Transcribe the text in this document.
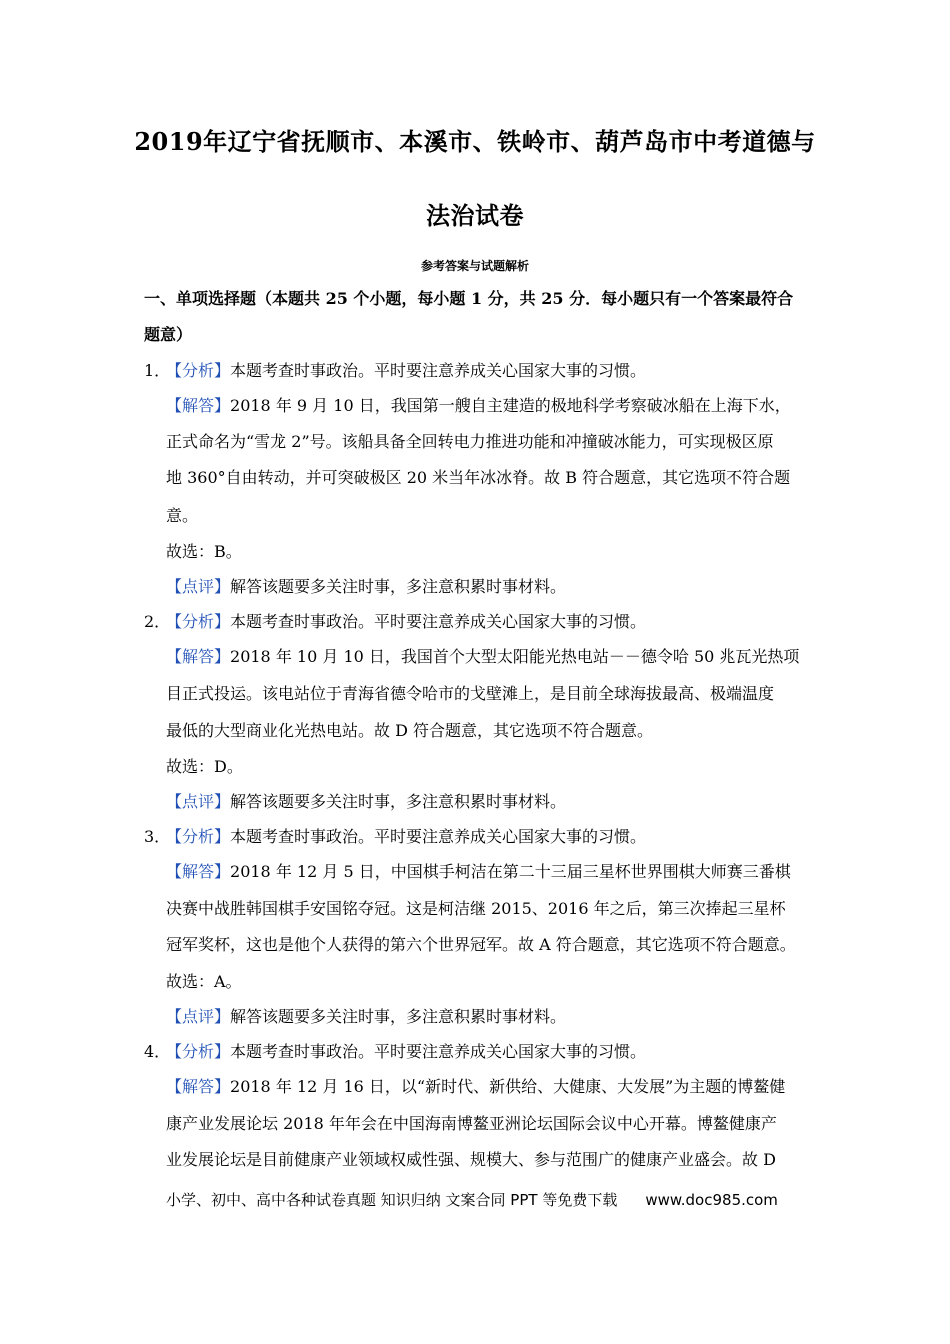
2019年辽宁省抚顺市、本溪市、铁岭市、葫芦岛市中考道德与
法治试卷
参考答案与试题解析
一、单项选择题（本题共 25 个小题，每小题 1 分，共 25 分．每小题只有一个答案最符合
题意）
1．
【分析】本题考查时事政治。平时要注意养成关心国家大事的习惯。
【解答】2018 年 9 月 10 日，我国第一艘自主建造的极地科学考察破冰船在上海下水，
正式命名为“雪龙 2”号。该船具备全回转电力推进功能和冲撞破冰能力，可实现极区原
地 360°自由转动，并可突破极区 20 米当年冰冰脊。故 B 符合题意，其它选项不符合题
意。
故选：B。
【点评】解答该题要多关注时事，多注意积累时事材料。
2．
【分析】本题考查时事政治。平时要注意养成关心国家大事的习惯。
【解答】2018 年 10 月 10 日，我国首个大型太阳能光热电站－－德令哈 50 兆瓦光热项
目正式投运。该电站位于青海省德令哈市的戈壁滩上，是目前全球海拔最高、极端温度
最低的大型商业化光热电站。故 D 符合题意，其它选项不符合题意。
故选：D。
【点评】解答该题要多关注时事，多注意积累时事材料。
3．
【分析】本题考查时事政治。平时要注意养成关心国家大事的习惯。
【解答】2018 年 12 月 5 日，中国棋手柯洁在第二十三届三星杯世界围棋大师赛三番棋
决赛中战胜韩国棋手安国铭夺冠。这是柯洁继 2015、2016 年之后，第三次捧起三星杯
冠军奖杯，这也是他个人获得的第六个世界冠军。故 A 符合题意，其它选项不符合题意。
故选：A。
【点评】解答该题要多关注时事，多注意积累时事材料。
4．
【分析】本题考查时事政治。平时要注意养成关心国家大事的习惯。
【解答】2018 年 12 月 16 日，以“新时代、新供给、大健康、大发展”为主题的博鳌健
康产业发展论坛 2018 年年会在中国海南博鳌亚洲论坛国际会议中心开幕。博鳌健康产
业发展论坛是目前健康产业领域权威性强、规模大、参与范围广的健康产业盛会。故 D
小学、初中、高中各种试卷真题 知识归纳 文案合同 PPT 等免费下载 www.doc985.com
